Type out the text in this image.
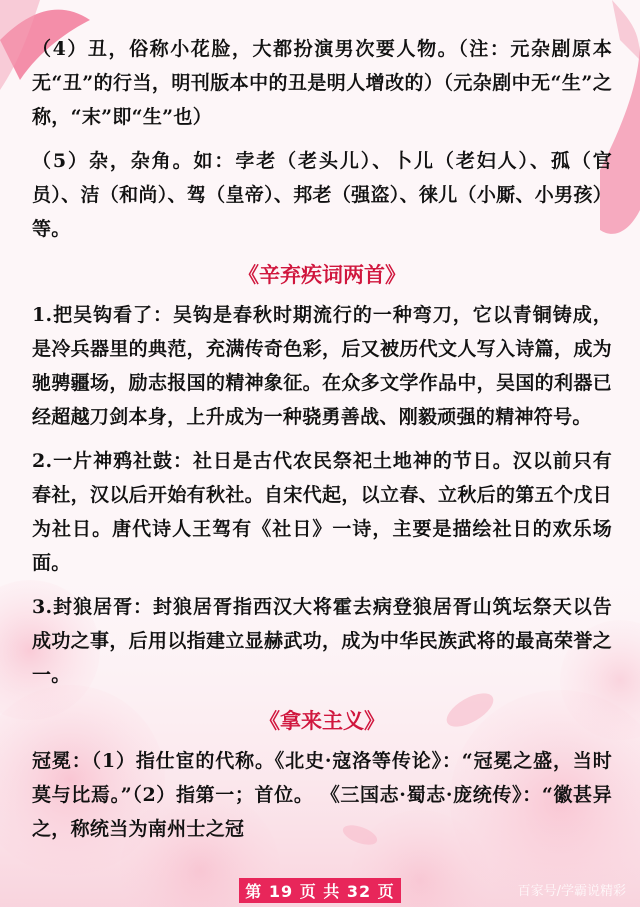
（4）丑，俗称小花脸，大都扮演男次要人物。（注：元杂剧原本无“丑”的行当，明刊版本中的丑是明人增改的）（元杂剧中无“生”之称，“末”即“生”也）

（5）杂，杂角。如：孛老（老头儿）、卜儿（老妇人）、孤（官员）、洁（和尚）、驾（皇帝）、邦老（强盗）、徕儿（小厮、小男孩）等。

《辛弃疾词两首》

1.把吴钩看了：吴钩是春秋时期流行的一种弯刀，它以青铜铸成，是冷兵器里的典范，充满传奇色彩，后又被历代文人写入诗篇，成为驰骋疆场，励志报国的精神象征。在众多文学作品中，吴国的利器已经超越刀剑本身，上升成为一种骁勇善战、刚毅顽强的精神符号。

2.一片神鸦社鼓：社日是古代农民祭祀土地神的节日。汉以前只有春社，汉以后开始有秋社。自宋代起，以立春、立秋后的第五个戊日为社日。唐代诗人王驾有《社日》一诗，主要是描绘社日的欢乐场面。

3.封狼居胥：封狼居胥指西汉大将霍去病登狼居胥山筑坛祭天以告成功之事，后用以指建立显赫武功，成为中华民族武将的最高荣誉之一。

《拿来主义》

冠冕：（1）指仕宦的代称。《北史·寇洛等传论》：“冠冕之盛，当时莫与比焉。”（2）指第一；首位。 《三国志·蜀志·庞统传》：“徽甚异之，称统当为南州士之冠

第 19 页 共 32 页	百家号/学霸说精彩
